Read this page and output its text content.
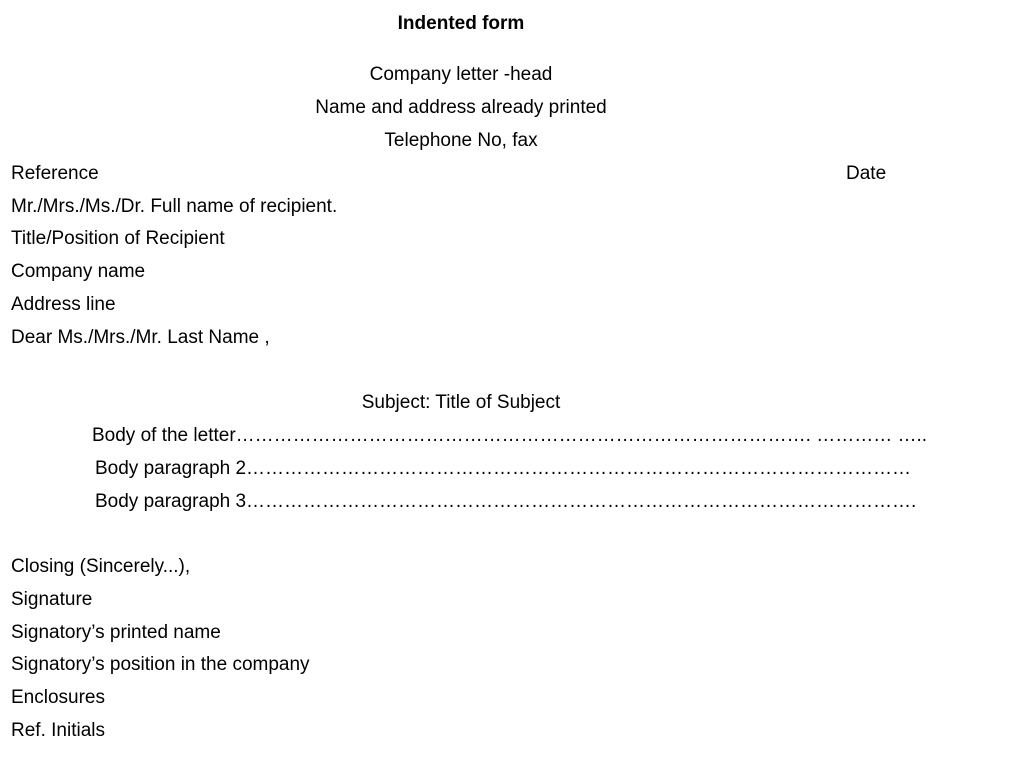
Indented form
Company letter -head
Name and address already printed
Telephone No, fax
Reference	Date
Mr./Mrs./Ms./Dr. Full name of recipient.
Title/Position of Recipient
Company name
Address line
Dear Ms./Mrs./Mr. Last Name ,
Subject: Title of Subject
Body of the letter………………………………………………………………………………. ………… …..
Body paragraph 2……………………………………………………………………………………………
Body paragraph 3…………………………………………………………………………………………….
Closing (Sincerely...),
Signature
Signatory’s printed name
Signatory’s position in the company
Enclosures
Ref. Initials
